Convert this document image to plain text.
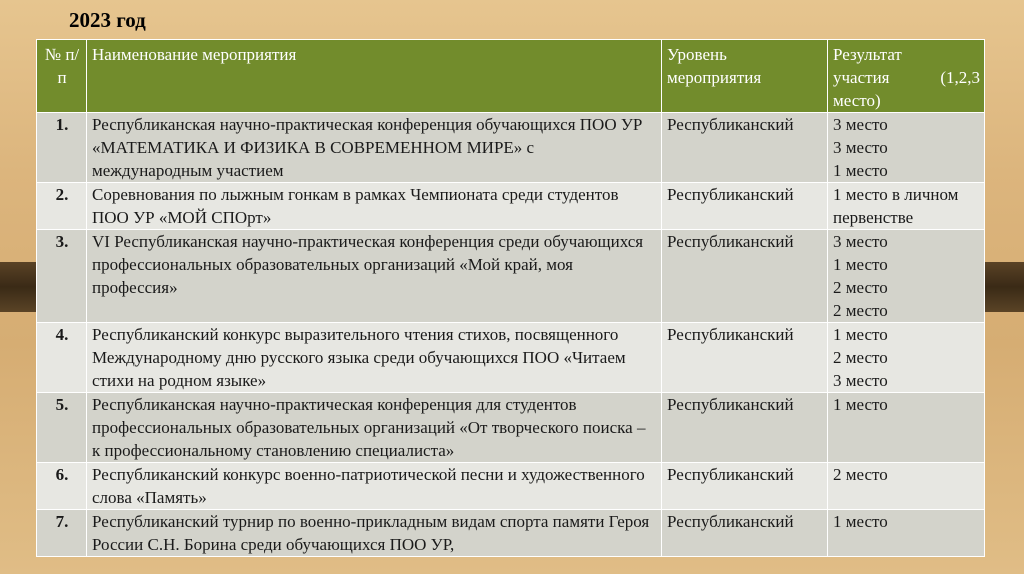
2023 год
№ п/п	Наименование мероприятия	Уровень мероприятия	Результат
участия (1,2,3
место)

1.	Республиканская научно-практическая конференция обучающихся ПОО УР «МАТЕМАТИКА И ФИЗИКА В СОВРЕМЕННОМ МИРЕ» с международным участием	Республиканский	3 место
3 место
1 место

2.	Соревнования по лыжным гонкам в рамках Чемпионата среди студентов ПОО УР «МОЙ СПОрт»	Республиканский	1 место в личном первенстве

3.	VI Республиканская научно-практическая конференция среди обучающихся профессиональных образовательных организаций «Мой край, моя профессия»	Республиканский	3 место
1 место
2 место
2 место

4.	Республиканский конкурс выразительного чтения стихов, посвященного Международному дню русского языка среди обучающихся ПОО «Читаем стихи на родном языке»	Республиканский	1 место
2 место
3 место

5.	Республиканская научно-практическая конференция для студентов профессиональных образовательных организаций «От творческого поиска – к профессиональному становлению специалиста»	Республиканский	1 место

6.	Республиканский конкурс военно-патриотической песни и художественного слова «Память»	Республиканский	2 место

7.	Республиканский турнир по военно-прикладным видам спорта памяти Героя России С.Н. Борина среди обучающихся ПОО УР,	Республиканский	1 место
